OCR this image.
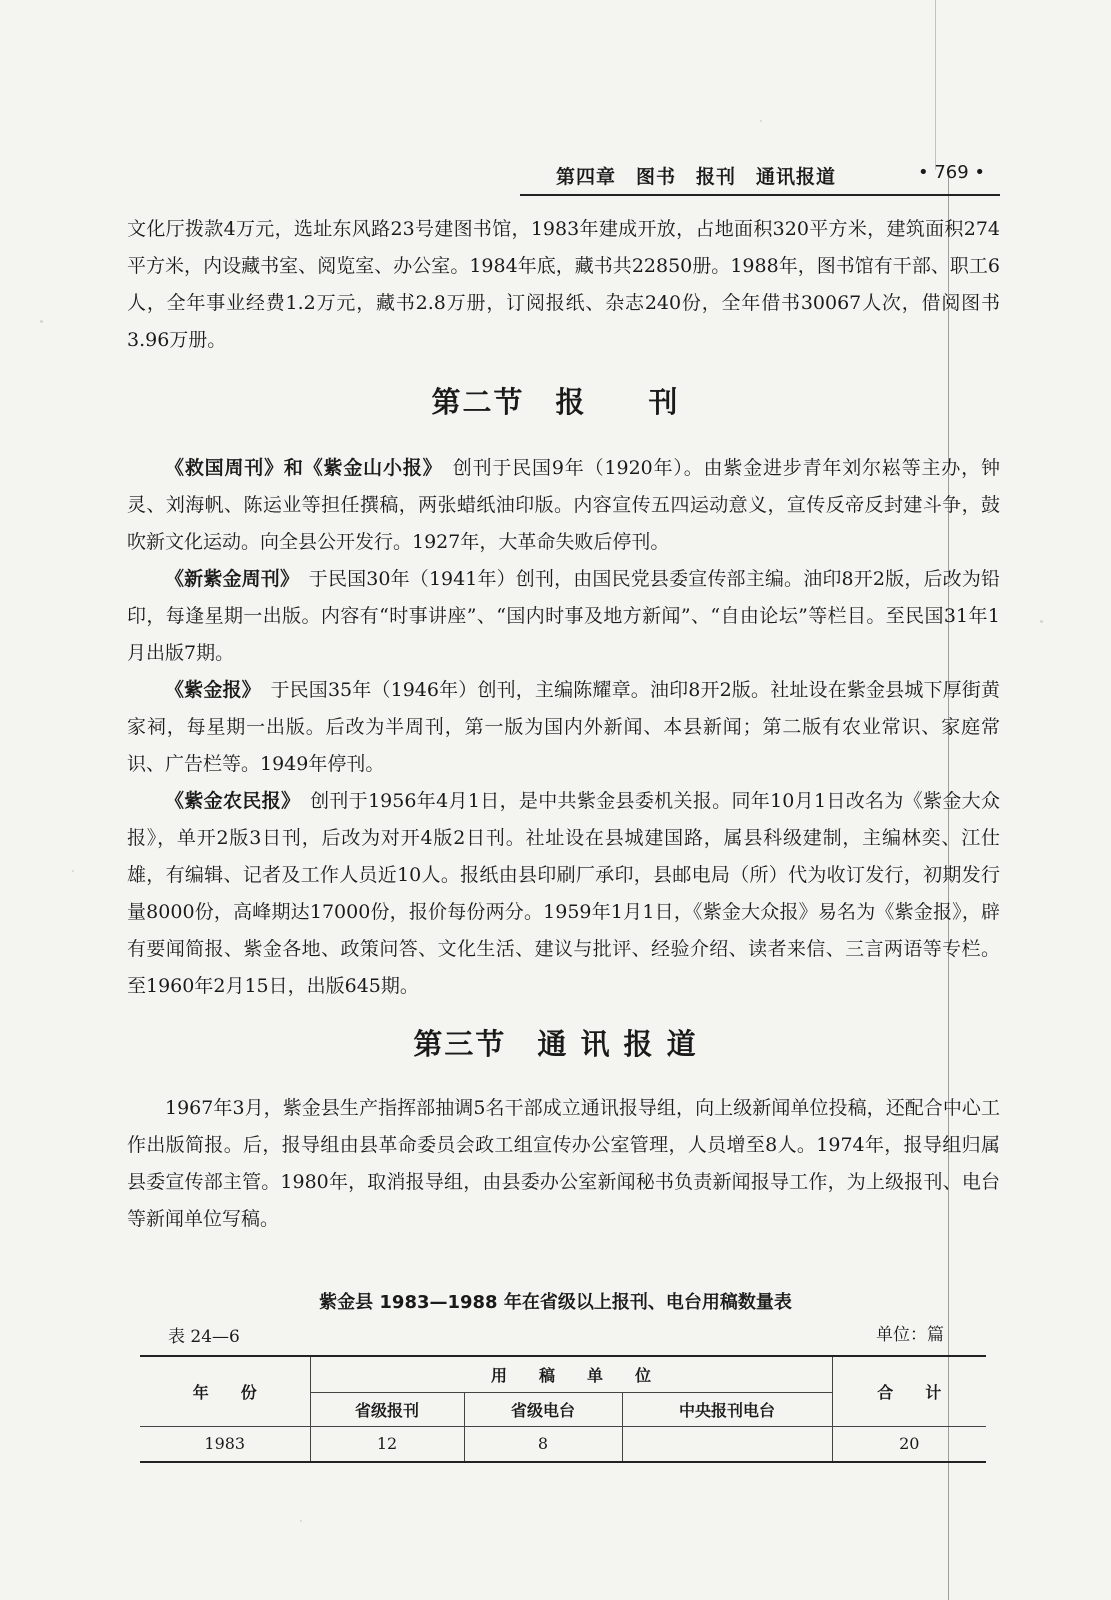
第四章　图书　报刊　通讯报道	• 769 •
文化厅拨款4万元，选址东风路23号建图书馆，1983年建成开放，占地面积320平方米，建筑面积274平方米，内设藏书室、阅览室、办公室。1984年底，藏书共22850册。1988年，图书馆有干部、职工6人，全年事业经费1.2万元，藏书2.8万册，订阅报纸、杂志240份，全年借书30067人次，借阅图书3.96万册。
第二节　报　　刊
《救国周刊》和《紫金山小报》　创刊于民国9年（1920年）。由紫金进步青年刘尔崧等主办，钟灵、刘海帆、陈运业等担任撰稿，两张蜡纸油印版。内容宣传五四运动意义，宣传反帝反封建斗争，鼓吹新文化运动。向全县公开发行。1927年，大革命失败后停刊。
《新紫金周刊》　于民国30年（1941年）创刊，由国民党县委宣传部主编。油印8开2版，后改为铅印，每逢星期一出版。内容有“时事讲座”、“国内时事及地方新闻”、“自由论坛”等栏目。至民国31年1月出版7期。
《紫金报》　于民国35年（1946年）创刊，主编陈耀章。油印8开2版。社址设在紫金县城下厚街黄家祠，每星期一出版。后改为半周刊，第一版为国内外新闻、本县新闻；第二版有农业常识、家庭常识、广告栏等。1949年停刊。
《紫金农民报》　创刊于1956年4月1日，是中共紫金县委机关报。同年10月1日改名为《紫金大众报》，单开2版3日刊，后改为对开4版2日刊。社址设在县城建国路，属县科级建制，主编林奕、江仕雄，有编辑、记者及工作人员近10人。报纸由县印刷厂承印，县邮电局（所）代为收订发行，初期发行量8000份，高峰期达17000份，报价每份两分。1959年1月1日，《紫金大众报》易名为《紫金报》，辟有要闻简报、紫金各地、政策问答、文化生活、建议与批评、经验介绍、读者来信、三言两语等专栏。至1960年2月15日，出版645期。
第三节　通 讯 报 道
1967年3月，紫金县生产指挥部抽调5名干部成立通讯报导组，向上级新闻单位投稿，还配合中心工作出版简报。后，报导组由县革命委员会政工组宣传办公室管理，人员增至8人。1974年，报导组归属县委宣传部主管。1980年，取消报导组，由县委办公室新闻秘书负责新闻报导工作，为上级报刊、电台等新闻单位写稿。
紫金县 1983—1988 年在省级以上报刊、电台用稿数量表
表 24—6	单位：篇
年　　份	用　　稿　　单　　位			合　　计
	省级报刊	省级电台	中央报刊电台	
1983	12	8		20
